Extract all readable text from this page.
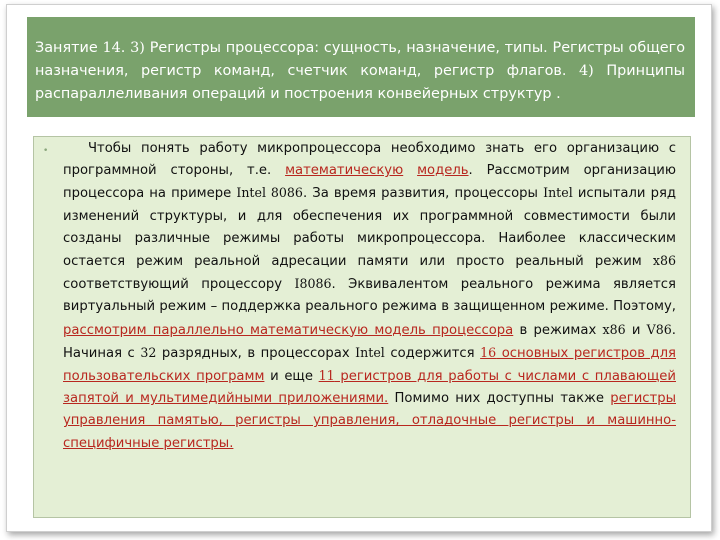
Занятие 14. 3) Регистры процессора: сущность, назначение, типы. Регистры общего назначения, регистр команд, счетчик команд, регистр флагов. 4) Принципы распараллеливания операций и построения конвейерных структур .
•	Чтобы понять работу микропроцессора необходимо знать его организацию с программной стороны, т.е. математическую модель. Рассмотрим организацию процессора на примере Intel 8086. За время развития, процессоры Intel испытали ряд изменений структуры, и для обеспечения их программной совместимости были созданы различные режимы работы микропроцессора. Наиболее классическим остается режим реальной адресации памяти или просто реальный режим x86 соответствующий процессору I8086. Эквивалентом реального режима является виртуальный режим – поддержка реального режима в защищенном режиме. Поэтому, рассмотрим параллельно математическую модель процессора в режимах x86 и V86. Начиная с 32 разрядных, в процессорах Intel содержится 16 основных регистров для пользовательских программ и еще 11 регистров для работы с числами с плавающей запятой и мультимедийными приложениями. Помимо них доступны также регистры управления памятью, регистры управления, отладочные регистры и машинно-специфичные регистры.
